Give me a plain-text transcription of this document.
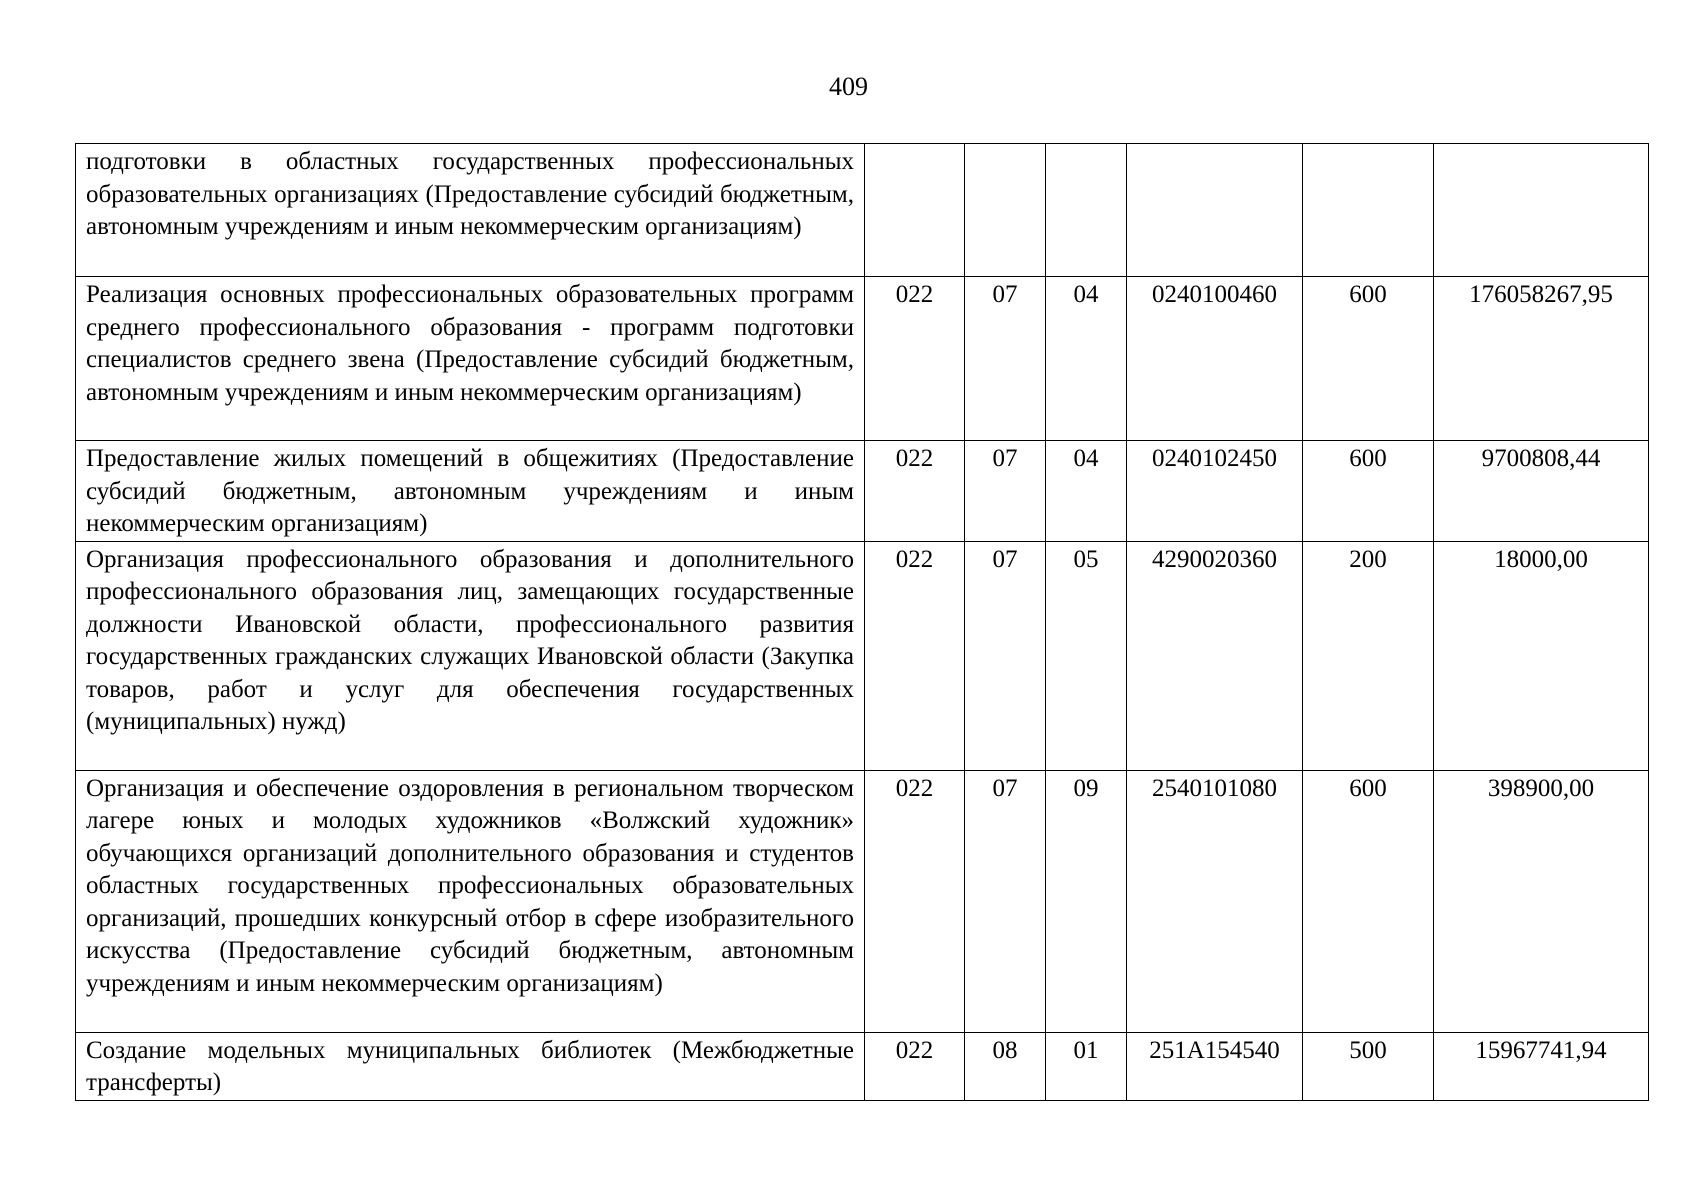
409
подготовки в областных государственных профессиональных образовательных организациях (Предоставление субсидий бюджетным, автономным учреждениям и иным некоммерческим организациям)						
Реализация основных профессиональных образовательных программ среднего профессионального образования - программ подготовки специалистов среднего звена (Предоставление субсидий бюджетным, автономным учреждениям и иным некоммерческим организациям)	022	07	04	0240100460	600	176058267,95
Предоставление жилых помещений в общежитиях (Предоставление субсидий бюджетным, автономным учреждениям и иным некоммерческим организациям)	022	07	04	0240102450	600	9700808,44
Организация профессионального образования и дополнительного профессионального образования лиц, замещающих государственные должности Ивановской области, профессионального развития государственных гражданских служащих Ивановской области (Закупка товаров, работ и услуг для обеспечения государственных (муниципальных) нужд)	022	07	05	4290020360	200	18000,00
Организация и обеспечение оздоровления в региональном творческом лагере юных и молодых художников «Волжский художник» обучающихся организаций дополнительного образования и студентов областных государственных профессиональных образовательных организаций, прошедших конкурсный отбор в сфере изобразительного искусства (Предоставление субсидий бюджетным, автономным учреждениям и иным некоммерческим организациям)	022	07	09	2540101080	600	398900,00
Создание модельных муниципальных библиотек (Межбюджетные трансферты)	022	08	01	251A154540	500	15967741,94
